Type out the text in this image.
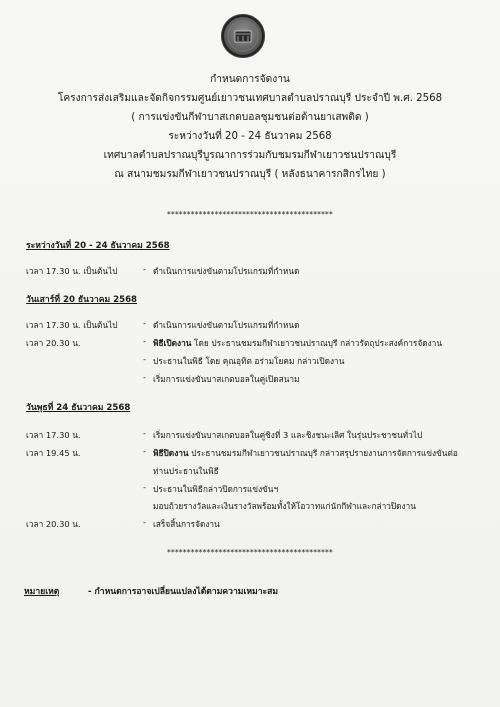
กำหนดการจัดงาน
โครงการส่งเสริมและจัดกิจกรรมศูนย์เยาวชนเทศบาลตำบลปราณบุรี ประจำปี พ.ศ. 2568
( การแข่งขันกีฬาบาสเกตบอลชุมชนต่อต้านยาเสพติด )
ระหว่างวันที่ 20 - 24 ธันวาคม 2568
เทศบาลตำบลปราณบุรีบูรณาการร่วมกับชมรมกีฬาเยาวชนปราณบุรี
ณ สนามชมรมกีฬาเยาวชนปราณบุรี ( หลังธนาคารกสิกรไทย )
******************************************
ระหว่างวันที่ 20 - 24 ธันวาคม 2568
เวลา 17.30 น. เป็นต้นไป	- ดำเนินการแข่งขันตามโปรแกรมที่กำหนด
วันเสาร์ที่ 20 ธันวาคม 2568
เวลา 17.30 น. เป็นต้นไป	- ดำเนินการแข่งขันตามโปรแกรมที่กำหนด
เวลา 20.30 น.	- พิธีเปิดงาน โดย ประธานชมรมกีฬาเยาวชนปราณบุรี กล่าวรัตถุประสงค์การจัดงาน
- ประธานในพิธี โดย คุณอุทิต อร่ามโยคม กล่าวเปิดงาน
- เริ่มการแข่งขันบาสเกตบอลในคู่เปิดสนาม
วันพุธที่ 24 ธันวาคม 2568
เวลา 17.30 น.	- เริ่มการแข่งขันบาสเกตบอลในคู่ชิงที่ 3 และชิงชนะเลิศ ในรุ่นประชาชนทั่วไป
เวลา 19.45 น.	- พิธีปิดงาน ประธานชมรมกีฬาเยาวชนปราณบุรี กล่าวสรุปรายงานการจัดการแข่งขันต่อ
ท่านประธานในพิธี
- ประธานในพิธีกล่าวปิดการแข่งขันฯ
มอบถ้วยรางวัลและเงินรางวัลพร้อมทั้งให้โอวาทแก่นักกีฬาและกล่าวปิดงาน
เวลา 20.30 น.	- เสร็จสิ้นการจัดงาน
******************************************
หมายเหตุ	- กำหนดการอาจเปลี่ยนแปลงได้ตามความเหมาะสม
